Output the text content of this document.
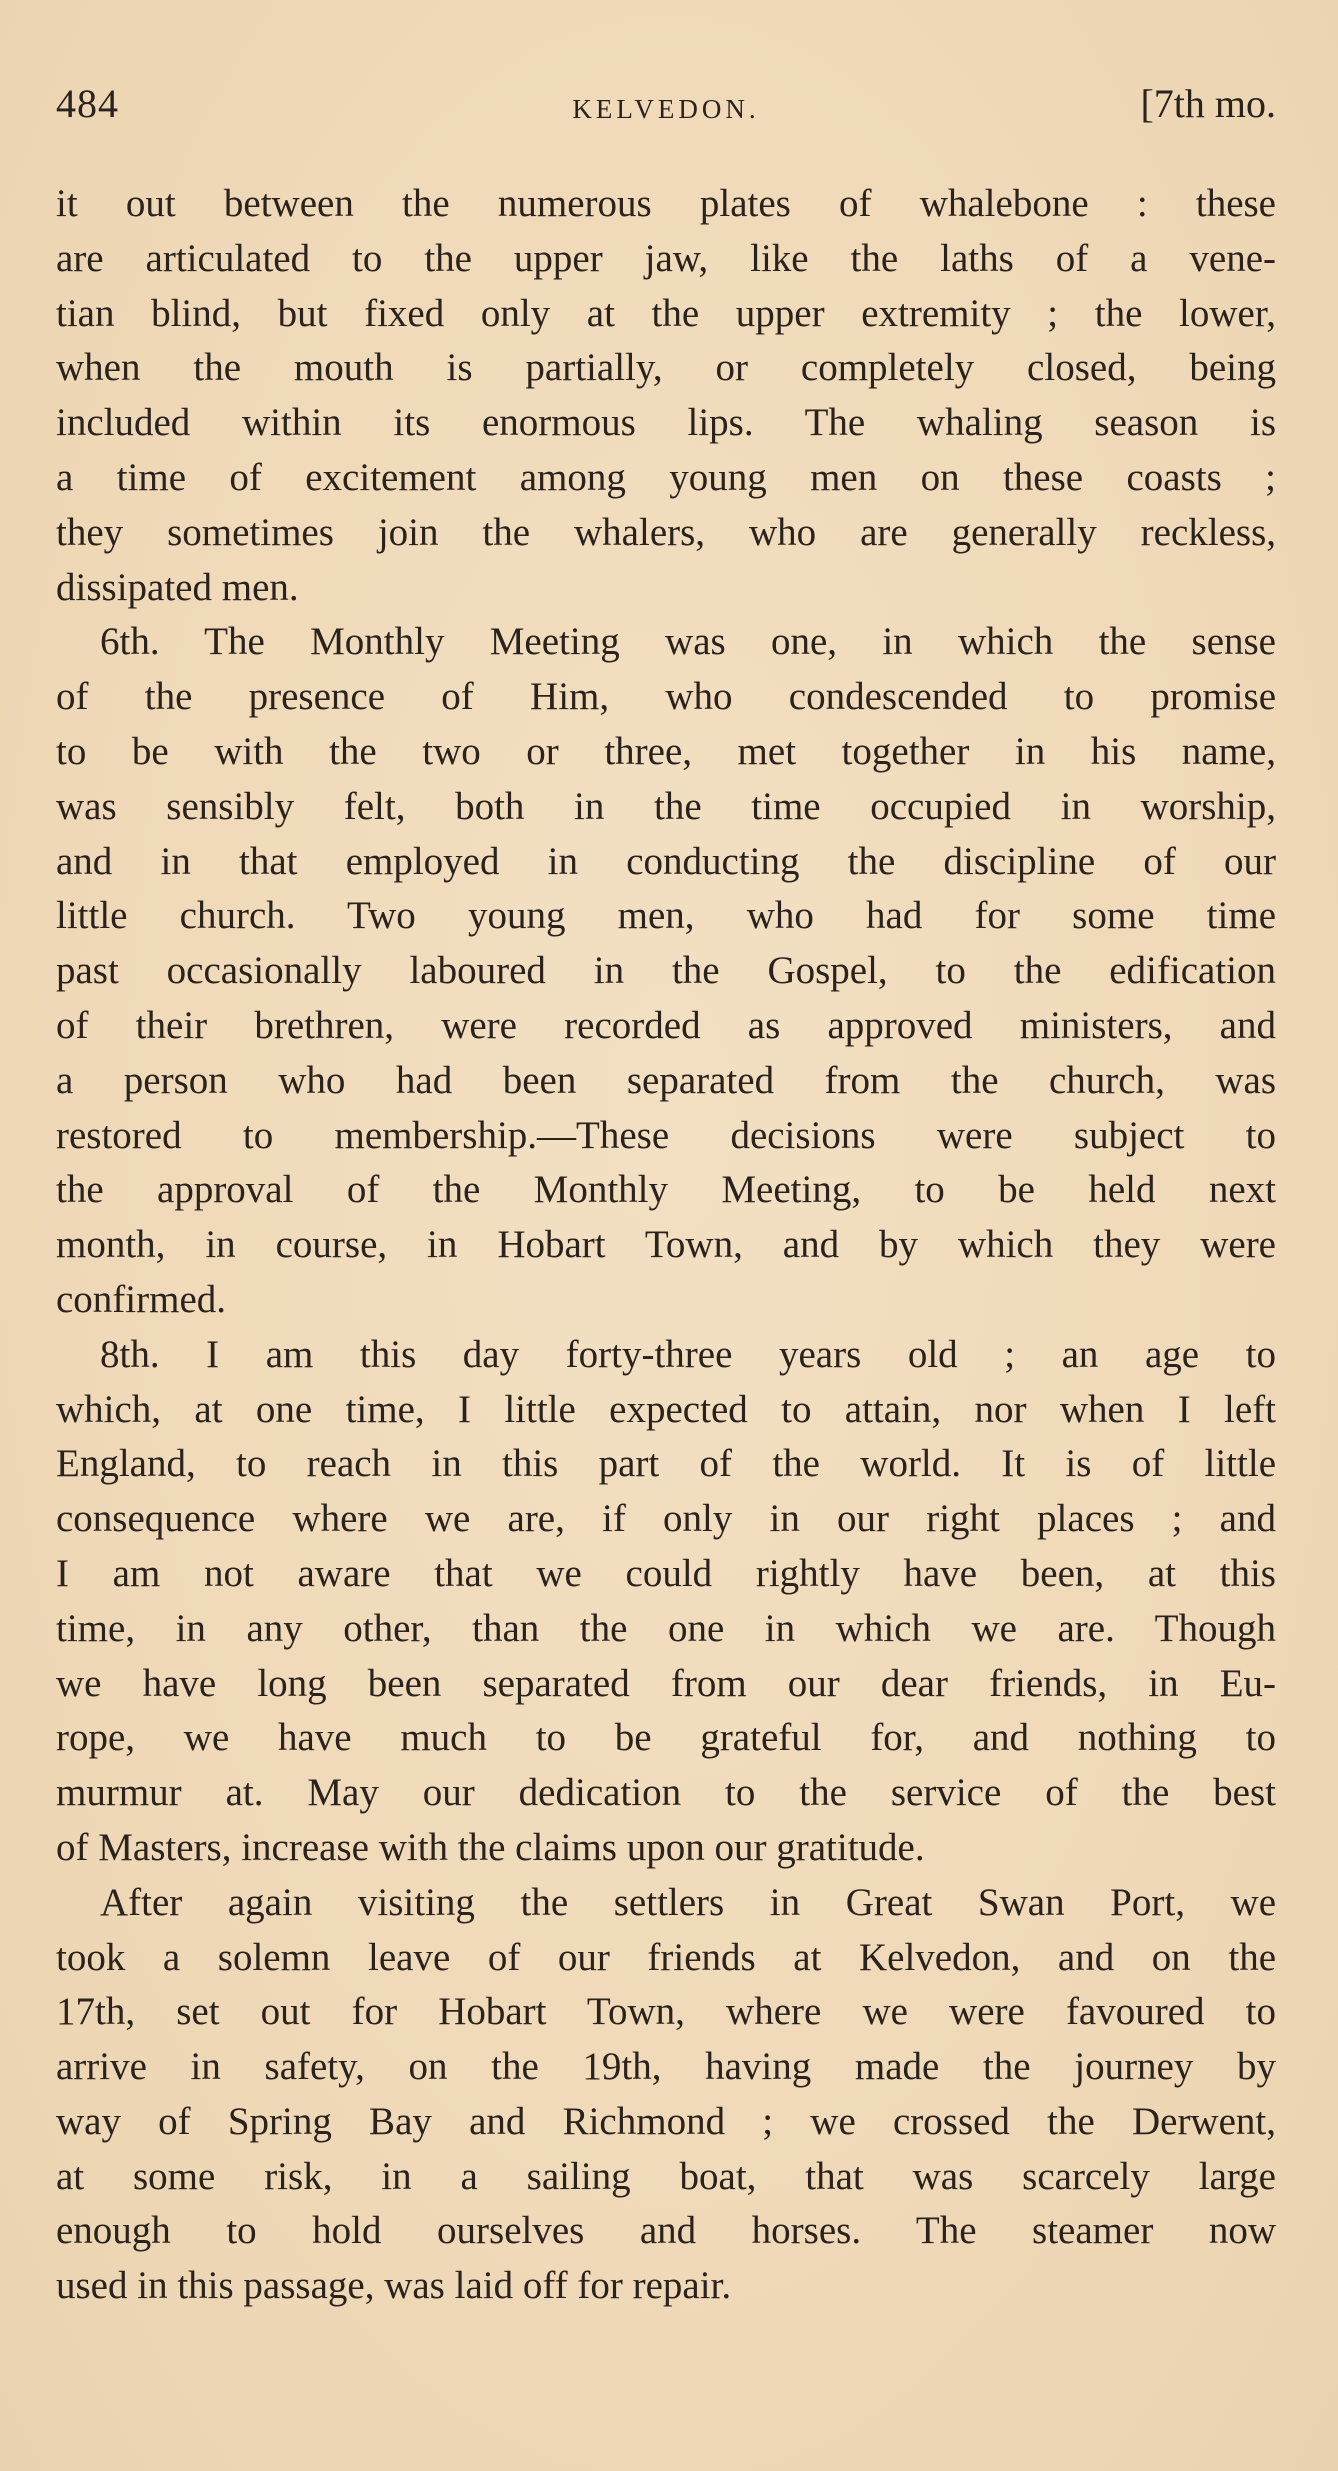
484	KELVEDON.	[7th mo.
it out between the numerous plates of whalebone : these
are articulated to the upper jaw, like the laths of a vene-
tian blind, but fixed only at the upper extremity ; the lower,
when the mouth is partially, or completely closed, being
included within its enormous lips. The whaling season is
a time of excitement among young men on these coasts ;
they sometimes join the whalers, who are generally reckless,
dissipated men.
6th. The Monthly Meeting was one, in which the sense
of the presence of Him, who condescended to promise
to be with the two or three, met together in his name,
was sensibly felt, both in the time occupied in worship,
and in that employed in conducting the discipline of our
little church. Two young men, who had for some time
past occasionally laboured in the Gospel, to the edification
of their brethren, were recorded as approved ministers, and
a person who had been separated from the church, was
restored to membership.—These decisions were subject to
the approval of the Monthly Meeting, to be held next
month, in course, in Hobart Town, and by which they were
confirmed.
8th. I am this day forty-three years old ; an age to
which, at one time, I little expected to attain, nor when I left
England, to reach in this part of the world. It is of little
consequence where we are, if only in our right places ; and
I am not aware that we could rightly have been, at this
time, in any other, than the one in which we are. Though
we have long been separated from our dear friends, in Eu-
rope, we have much to be grateful for, and nothing to
murmur at. May our dedication to the service of the best
of Masters, increase with the claims upon our gratitude.
After again visiting the settlers in Great Swan Port, we
took a solemn leave of our friends at Kelvedon, and on the
17th, set out for Hobart Town, where we were favoured to
arrive in safety, on the 19th, having made the journey by
way of Spring Bay and Richmond ; we crossed the Derwent,
at some risk, in a sailing boat, that was scarcely large
enough to hold ourselves and horses. The steamer now
used in this passage, was laid off for repair.
